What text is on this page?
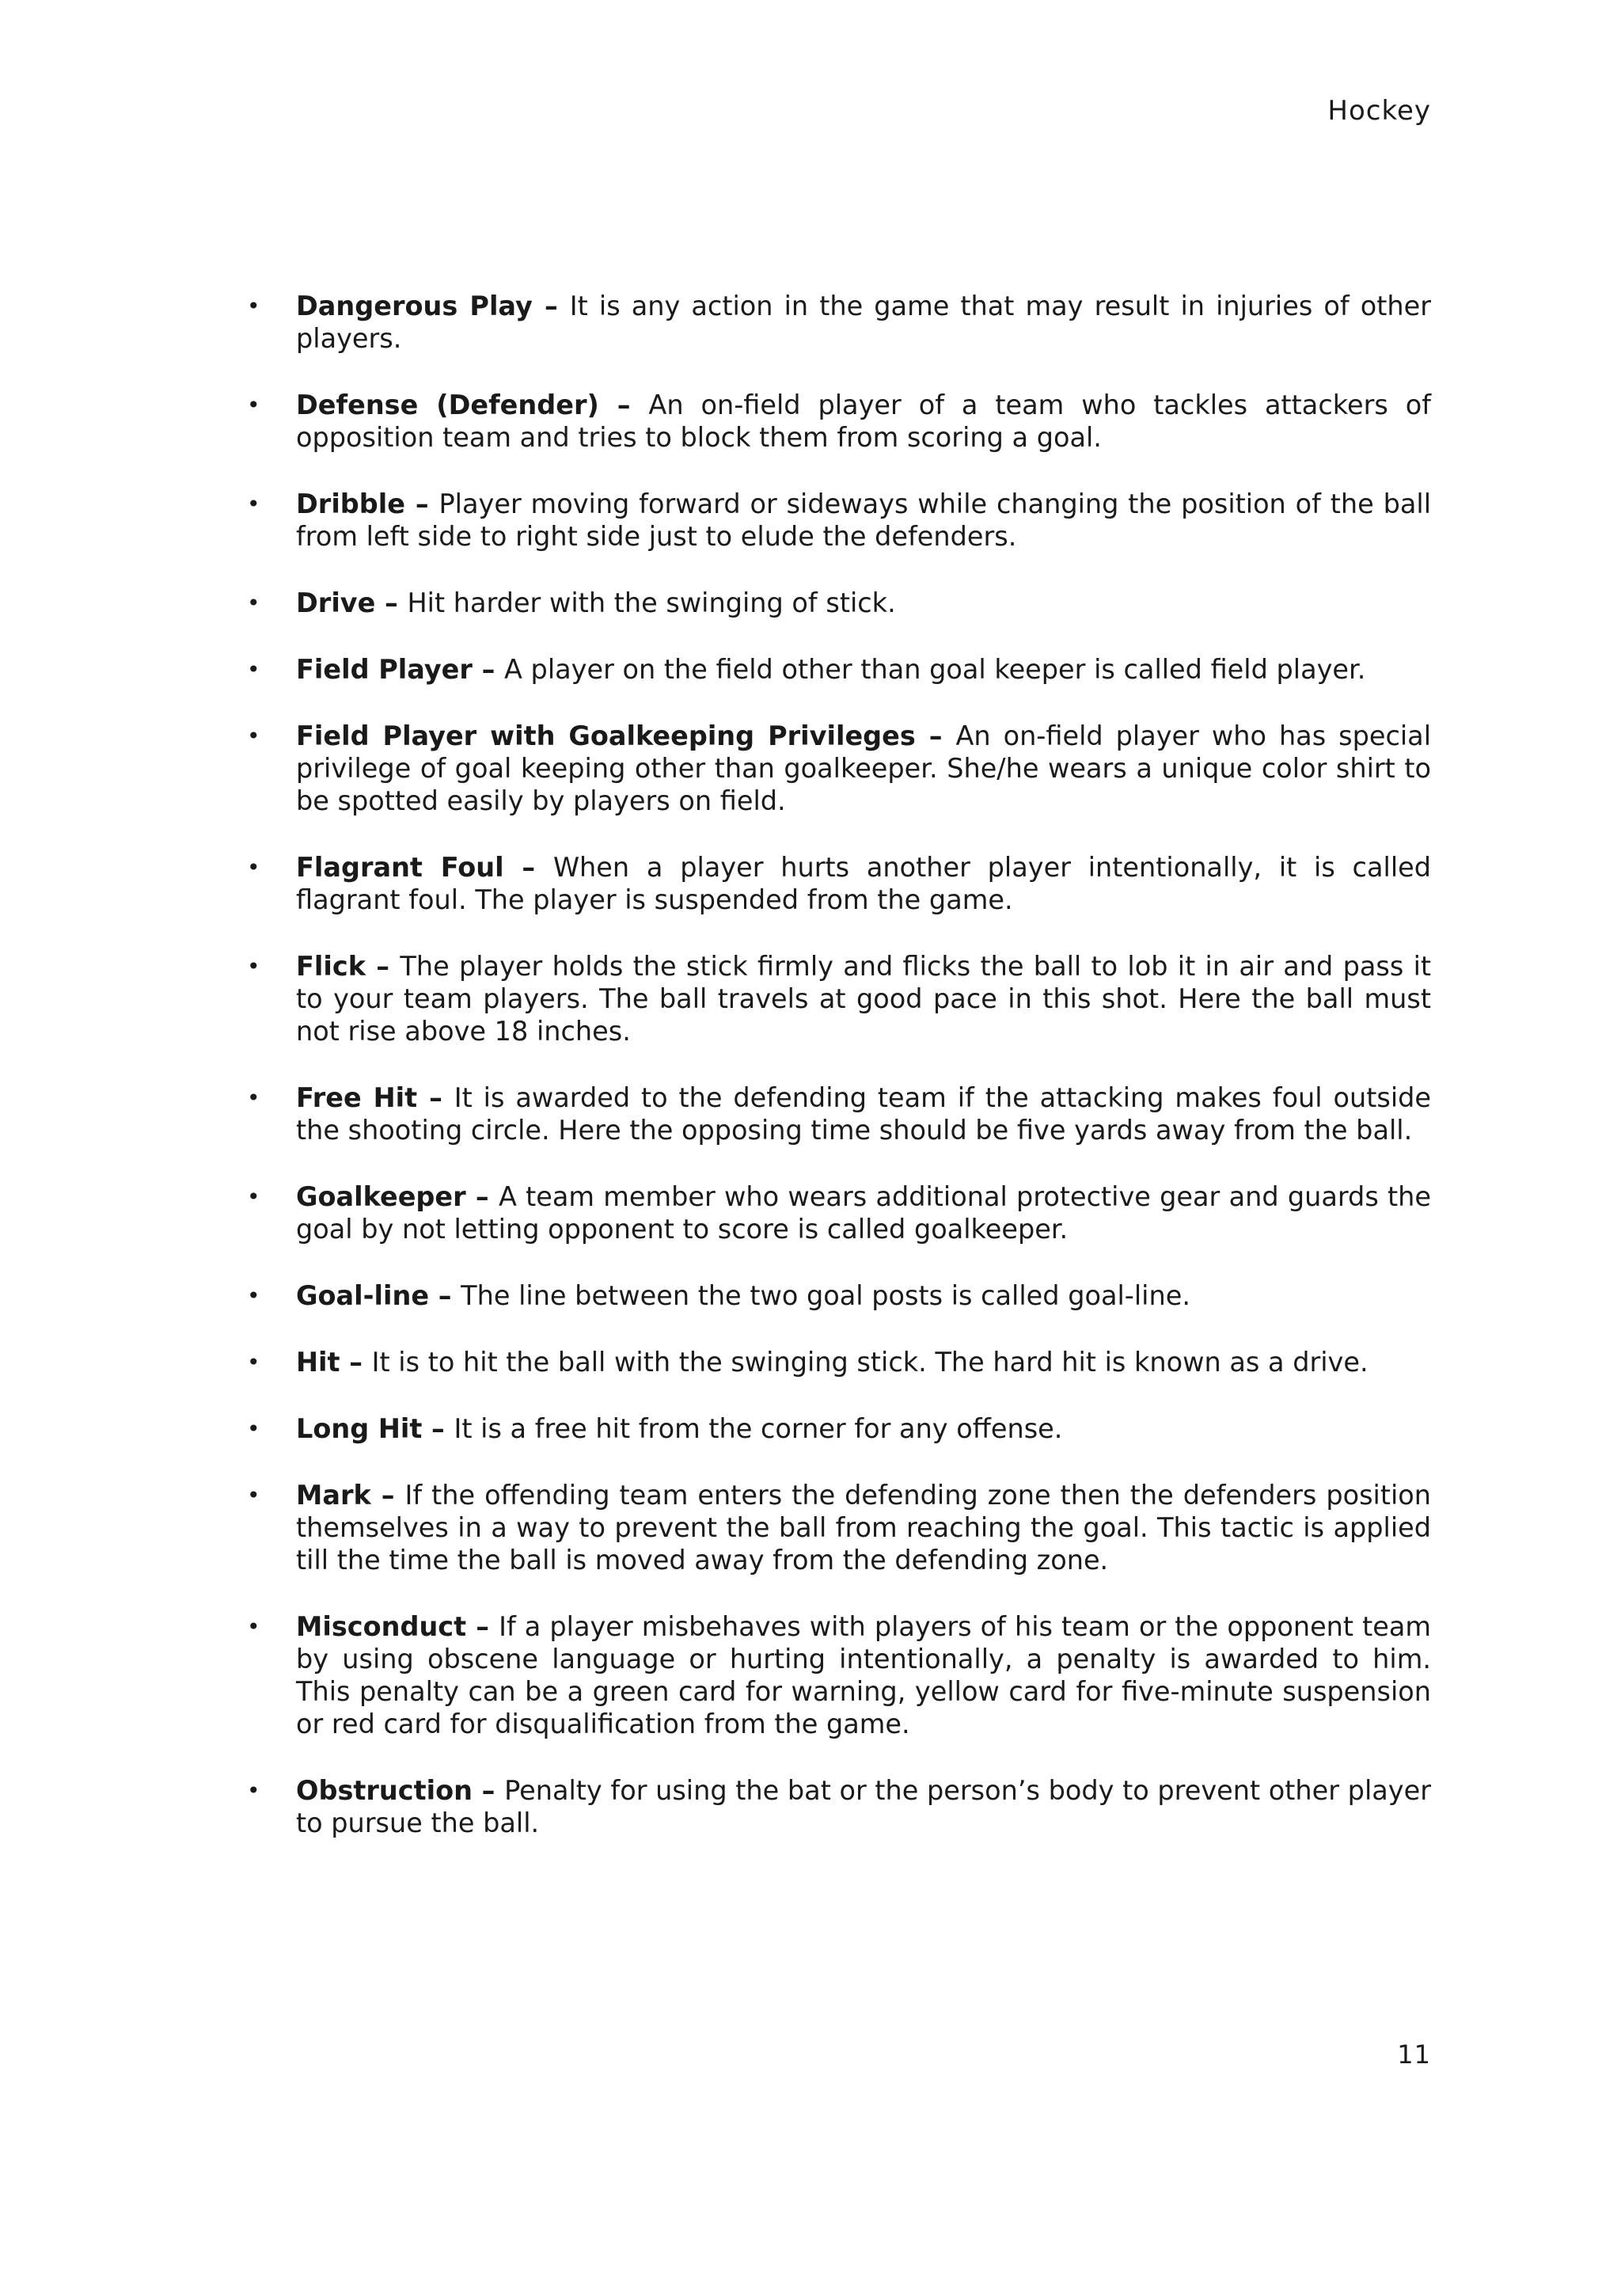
Hockey
• Dangerous Play – It is any action in the game that may result in injuries of other players.
• Defense (Defender) – An on-field player of a team who tackles attackers of opposition team and tries to block them from scoring a goal.
• Dribble – Player moving forward or sideways while changing the position of the ball from left side to right side just to elude the defenders.
• Drive – Hit harder with the swinging of stick.
• Field Player – A player on the field other than goal keeper is called field player.
• Field Player with Goalkeeping Privileges – An on-field player who has special privilege of goal keeping other than goalkeeper. She/he wears a unique color shirt to be spotted easily by players on field.
• Flagrant Foul – When a player hurts another player intentionally, it is called flagrant foul. The player is suspended from the game.
• Flick – The player holds the stick firmly and flicks the ball to lob it in air and pass it to your team players. The ball travels at good pace in this shot. Here the ball must not rise above 18 inches.
• Free Hit – It is awarded to the defending team if the attacking makes foul outside the shooting circle. Here the opposing time should be five yards away from the ball.
• Goalkeeper – A team member who wears additional protective gear and guards the goal by not letting opponent to score is called goalkeeper.
• Goal-line – The line between the two goal posts is called goal-line.
• Hit – It is to hit the ball with the swinging stick. The hard hit is known as a drive.
• Long Hit – It is a free hit from the corner for any offense.
• Mark – If the offending team enters the defending zone then the defenders position themselves in a way to prevent the ball from reaching the goal. This tactic is applied till the time the ball is moved away from the defending zone.
• Misconduct – If a player misbehaves with players of his team or the opponent team by using obscene language or hurting intentionally, a penalty is awarded to him. This penalty can be a green card for warning, yellow card for five-minute suspension or red card for disqualification from the game.
• Obstruction – Penalty for using the bat or the person’s body to prevent other player to pursue the ball.
11
